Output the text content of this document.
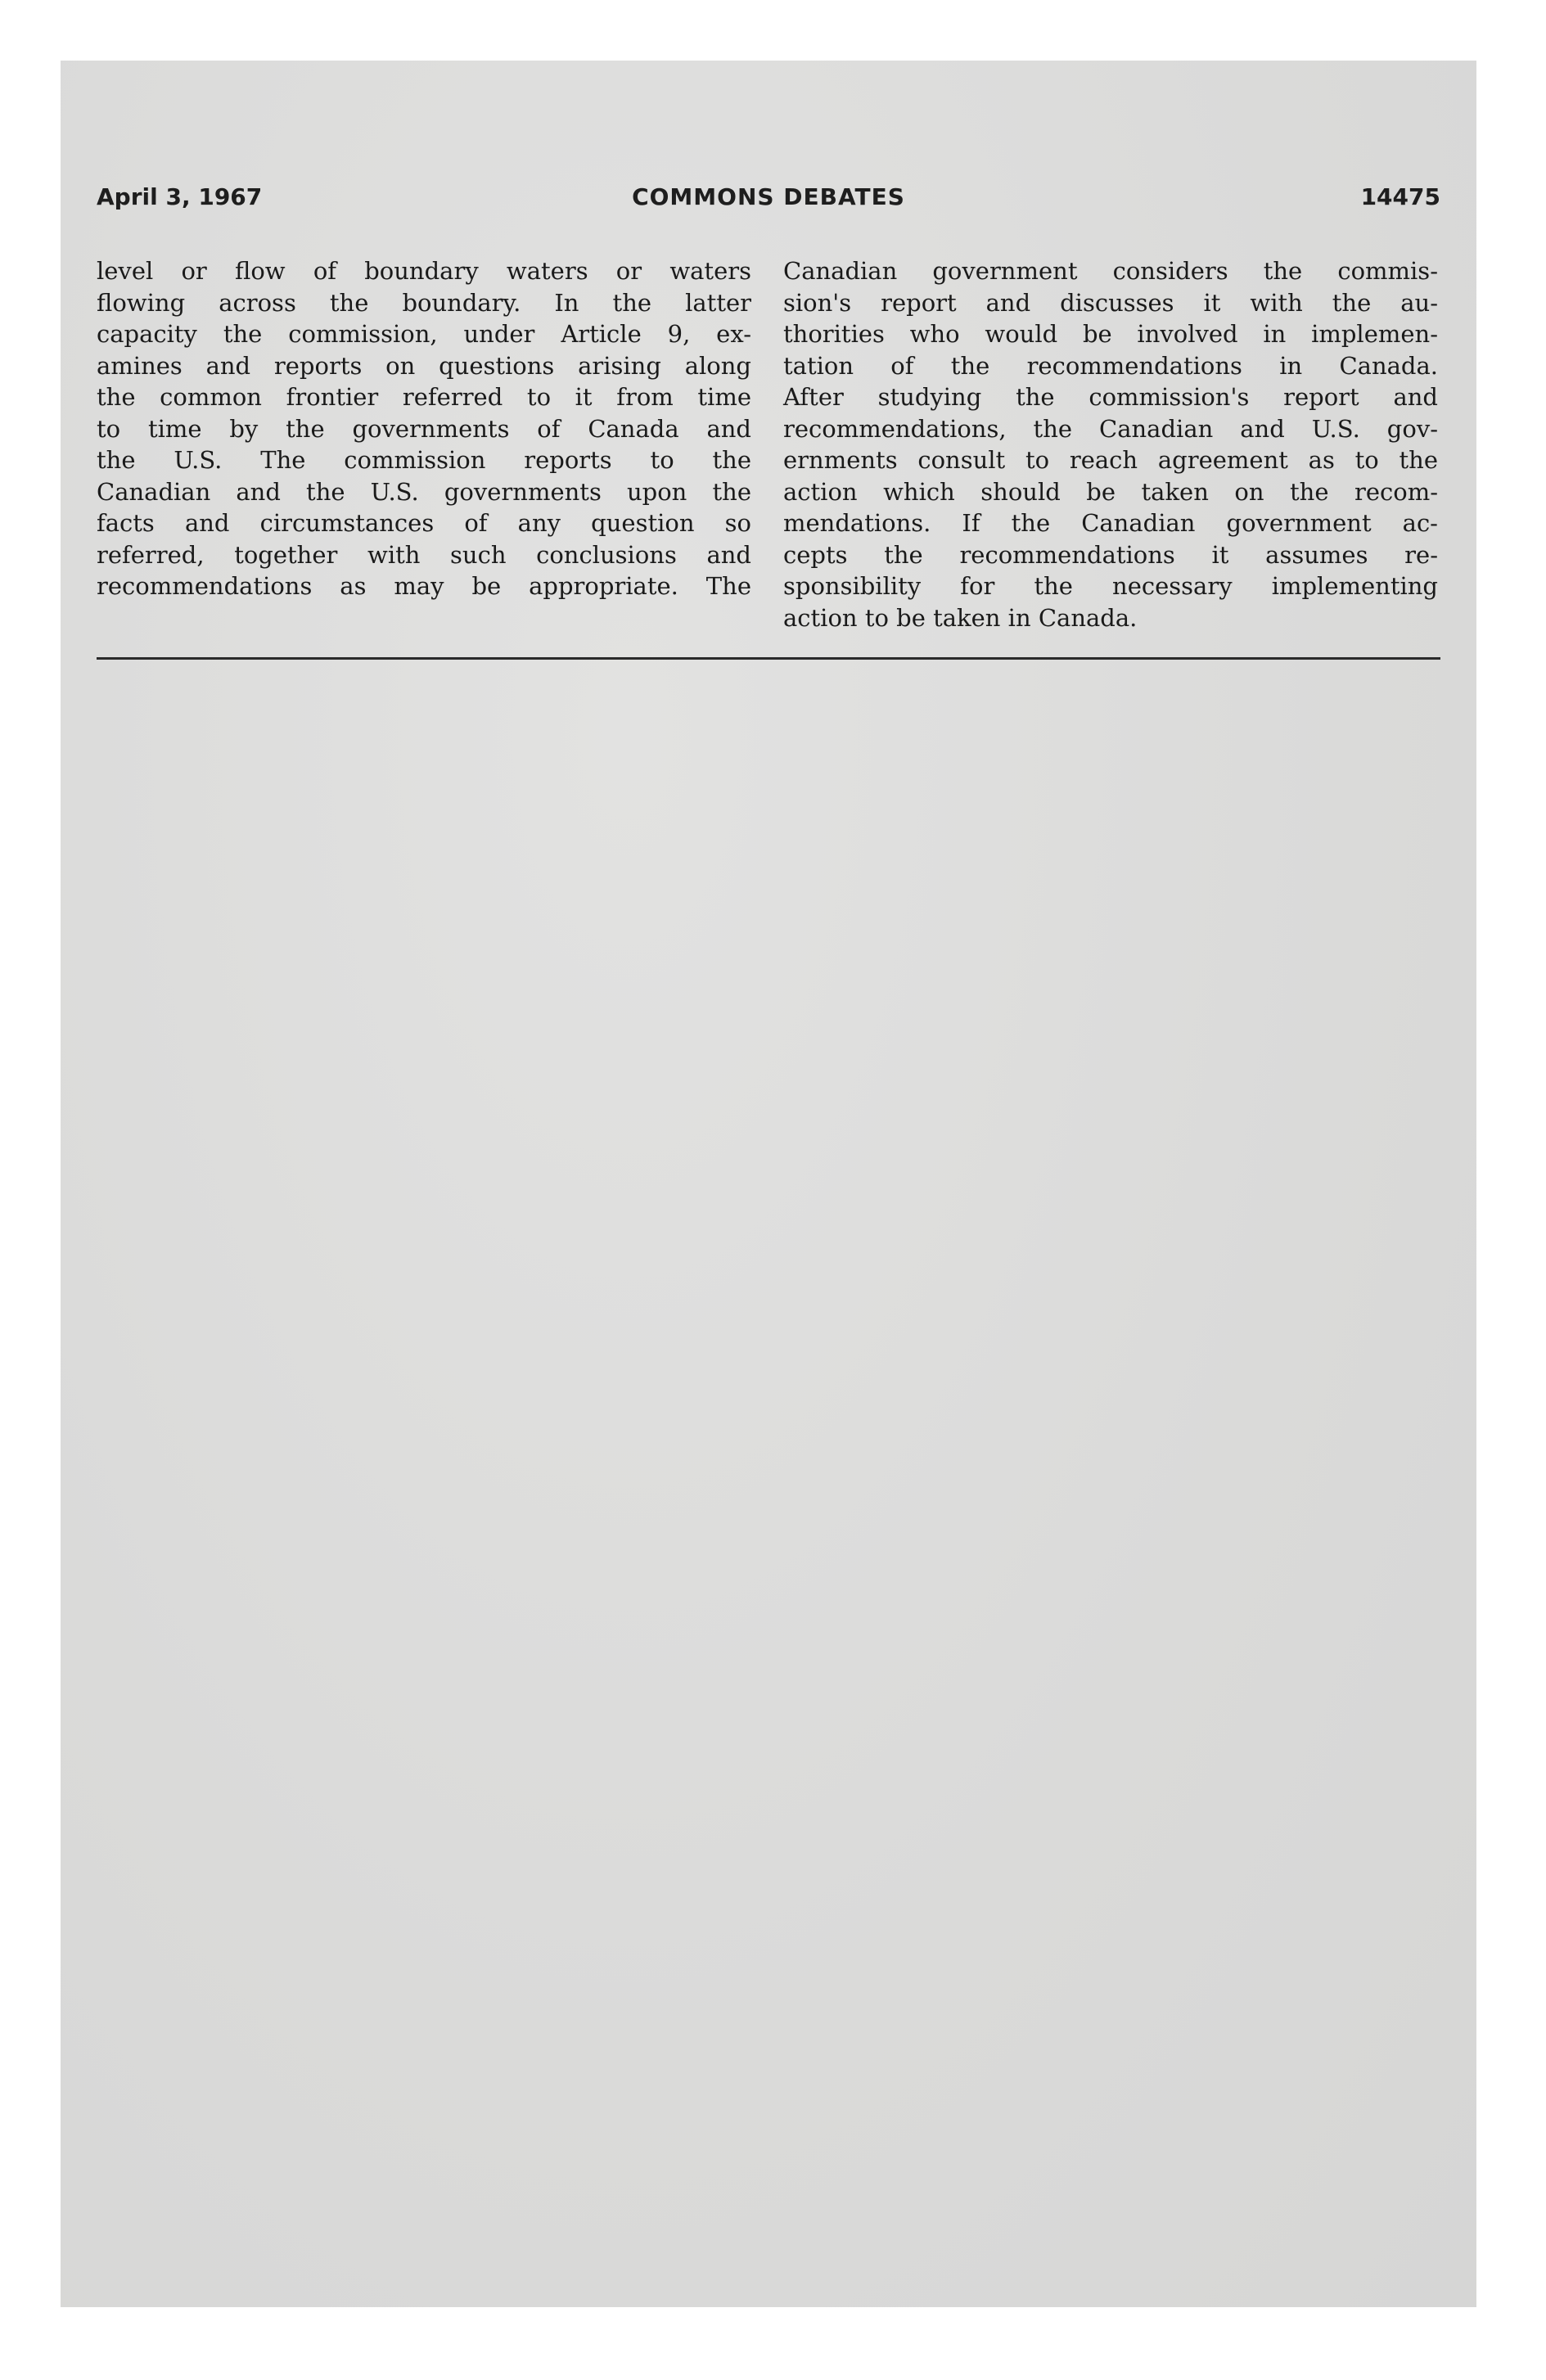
April 3, 1967	COMMONS DEBATES	14475
level or flow of boundary waters or waters
flowing across the boundary. In the latter
capacity the commission, under Article 9, ex-
amines and reports on questions arising along
the common frontier referred to it from time
to time by the governments of Canada and
the U.S. The commission reports to the
Canadian and the U.S. governments upon the
facts and circumstances of any question so
referred, together with such conclusions and
recommendations as may be appropriate. The
Canadian government considers the commis-
sion's report and discusses it with the au-
thorities who would be involved in implemen-
tation of the recommendations in Canada.
After studying the commission's report and
recommendations, the Canadian and U.S. gov-
ernments consult to reach agreement as to the
action which should be taken on the recom-
mendations. If the Canadian government ac-
cepts the recommendations it assumes re-
sponsibility for the necessary implementing
action to be taken in Canada.
